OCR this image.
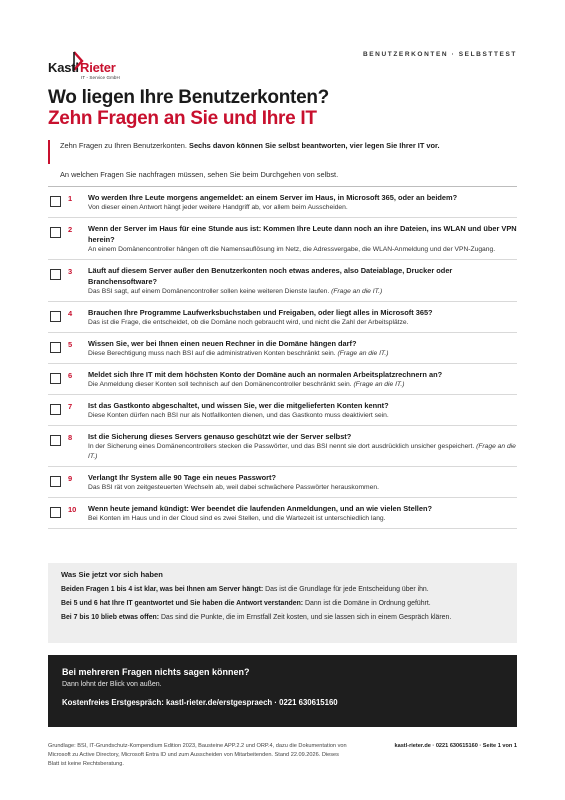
Kastl Rieter
IT - Service GmbH
BENUTZERKONTEN · SELBSTTEST
Wo liegen Ihre Benutzerkonten?
Zehn Fragen an Sie und Ihre IT

Zehn Fragen zu Ihren Benutzerkonten. Sechs davon können Sie selbst beantworten, vier legen Sie Ihrer IT vor.

An welchen Fragen Sie nachfragen müssen, sehen Sie beim Durchgehen von selbst.

1	Wo werden Ihre Leute morgens angemeldet: an einem Server im Haus, in Microsoft 365, oder an beidem?
Von dieser einen Antwort hängt jeder weitere Handgriff ab, vor allem beim Ausscheiden.
2	Wenn der Server im Haus für eine Stunde aus ist: Kommen Ihre Leute dann noch an ihre Dateien, ins WLAN und über VPN herein?
An einem Domänencontroller hängen oft die Namensauflösung im Netz, die Adressvergabe, die WLAN-Anmeldung und der VPN-Zugang.
3	Läuft auf diesem Server außer den Benutzerkonten noch etwas anderes, also Dateiablage, Drucker oder Branchensoftware?
Das BSI sagt, auf einem Domänencontroller sollen keine weiteren Dienste laufen. (Frage an die IT.)
4	Brauchen Ihre Programme Laufwerksbuchstaben und Freigaben, oder liegt alles in Microsoft 365?
Das ist die Frage, die entscheidet, ob die Domäne noch gebraucht wird, und nicht die Zahl der Arbeitsplätze.
5	Wissen Sie, wer bei Ihnen einen neuen Rechner in die Domäne hängen darf?
Diese Berechtigung muss nach BSI auf die administrativen Konten beschränkt sein. (Frage an die IT.)
6	Meldet sich Ihre IT mit dem höchsten Konto der Domäne auch an normalen Arbeitsplatzrechnern an?
Die Anmeldung dieser Konten soll technisch auf den Domänencontroller beschränkt sein. (Frage an die IT.)
7	Ist das Gastkonto abgeschaltet, und wissen Sie, wer die mitgelieferten Konten kennt?
Diese Konten dürfen nach BSI nur als Notfallkonten dienen, und das Gastkonto muss deaktiviert sein.
8	Ist die Sicherung dieses Servers genauso geschützt wie der Server selbst?
In der Sicherung eines Domänencontrollers stecken die Passwörter, und das BSI nennt sie dort ausdrücklich unsicher gespeichert. (Frage an die IT.)
9	Verlangt Ihr System alle 90 Tage ein neues Passwort?
Das BSI rät von zeitgesteuerten Wechseln ab, weil dabei schwächere Passwörter herauskommen.
10	Wenn heute jemand kündigt: Wer beendet die laufenden Anmeldungen, und an wie vielen Stellen?
Bei Konten im Haus und in der Cloud sind es zwei Stellen, und die Wartezeit ist unterschiedlich lang.
Was Sie jetzt vor sich haben
Beiden Fragen 1 bis 4 ist klar, was bei Ihnen am Server hängt: Das ist die Grundlage für jede Entscheidung über ihn.
Bei 5 und 6 hat Ihre IT geantwortet und Sie haben die Antwort verstanden: Dann ist die Domäne in Ordnung geführt.
Bei 7 bis 10 blieb etwas offen: Das sind die Punkte, die im Ernstfall Zeit kosten, und sie lassen sich in einem Gespräch klären.
Bei mehreren Fragen nichts sagen können?
Dann lohnt der Blick von außen.
Kostenfreies Erstgespräch: kastl-rieter.de/erstgespraech · 0221 630615160
Grundlage: BSI, IT-Grundschutz-Kompendium Edition 2023, Bausteine APP.2.2 und ORP.4, dazu die Dokumentation von Microsoft zu Active Directory, Microsoft Entra ID und zum Ausscheiden von Mitarbeitenden. Stand 22.09.2026. Dieses Blatt ist keine Rechtsberatung.
kastl-rieter.de · 0221 630615160 · Seite 1 von 1
